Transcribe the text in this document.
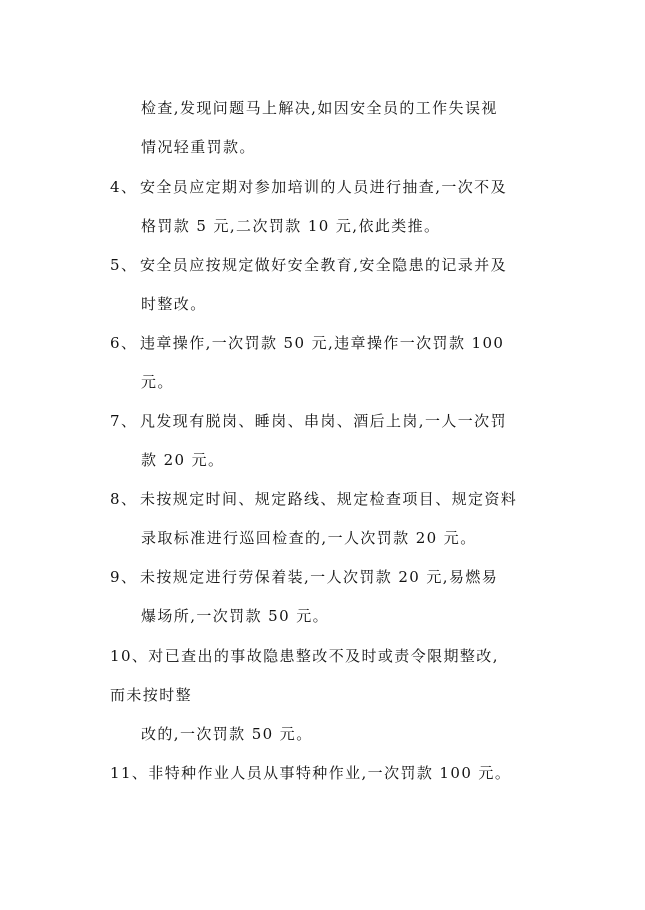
检查,发现问题马上解决,如因安全员的工作失误视
情况轻重罚款。
4、 安全员应定期对参加培训的人员进行抽查,一次不及
格罚款 5 元,二次罚款 10 元,依此类推。
5、 安全员应按规定做好安全教育,安全隐患的记录并及
时整改。
6、 违章操作,一次罚款 50 元,违章操作一次罚款 100
元。
7、 凡发现有脱岗、睡岗、串岗、酒后上岗,一人一次罚
款 20 元。
8、 未按规定时间、规定路线、规定检查项目、规定资料
录取标准进行巡回检查的,一人次罚款 20 元。
9、 未按规定进行劳保着装,一人次罚款 20 元,易燃易
爆场所,一次罚款 50 元。
10、对已查出的事故隐患整改不及时或责令限期整改,
而未按时整
改的,一次罚款 50 元。
11、非特种作业人员从事特种作业,一次罚款 100 元。
